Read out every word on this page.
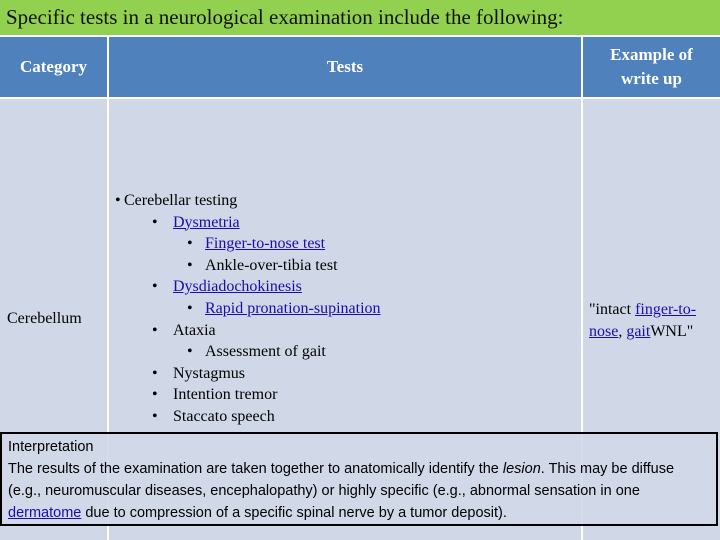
Specific tests in a neurological examination include the following:
Category	Tests
Example of write up
Cerebellum
• Cerebellar testing
• Dysmetria
• Finger-to-nose test
• Ankle-over-tibia test
• Dysdiadochokinesis
• Rapid pronation-supination
• Ataxia
• Assessment of gait
• Nystagmus
• Intention tremor
• Staccato speech
"intact finger-to-nose, gaitWNL"
Interpretation
The results of the examination are taken together to anatomically identify the lesion. This may be diffuse (e.g., neuromuscular diseases, encephalopathy) or highly specific (e.g., abnormal sensation in one dermatome due to compression of a specific spinal nerve by a tumor deposit).
